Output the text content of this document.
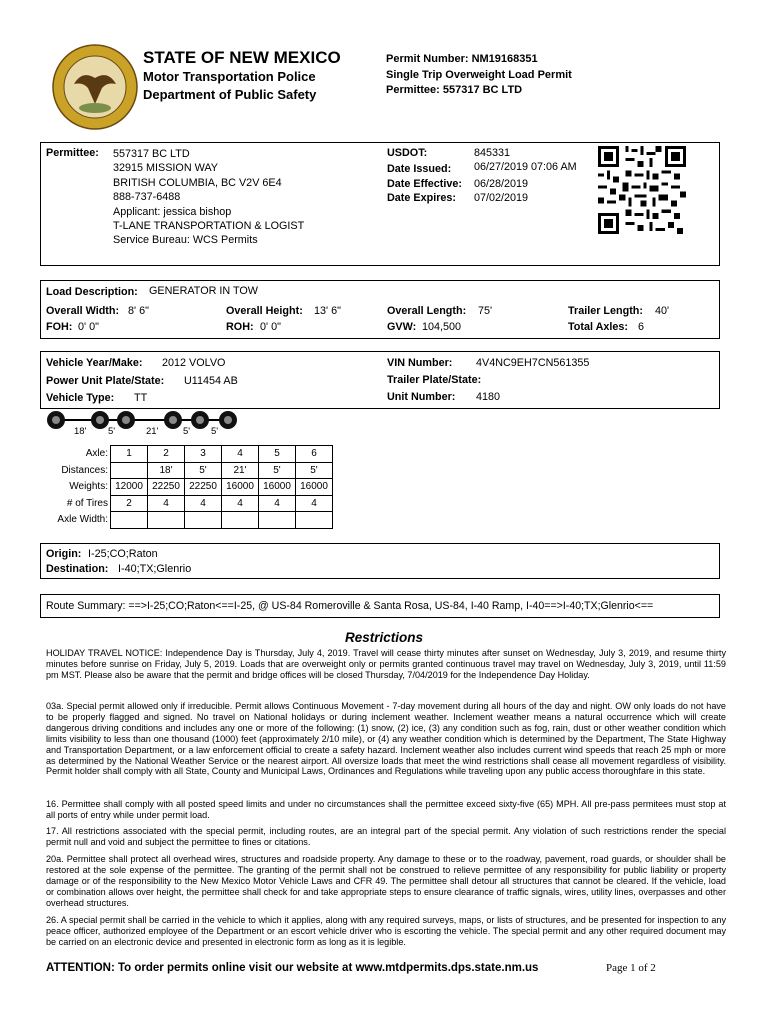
STATE OF NEW MEXICO
Motor Transportation Police
Department of Public Safety
Permit Number: NM19168351
Single Trip Overweight Load Permit
Permittee: 557317 BC LTD
Permittee: 557317 BC LTD
32915 MISSION WAY
BRITISH COLUMBIA, BC V2V 6E4
888-737-6488
Applicant: jessica bishop
T-LANE TRANSPORTATION & LOGIST
Service Bureau: WCS Permits
USDOT:	845331
Date Issued: 06/27/2019 07:06 AM
Date Effective: 06/28/2019
Date Expires: 07/02/2019
Load Description: GENERATOR IN TOW
Overall Width: 8' 6"	Overall Height: 13' 6"	Overall Length: 75'	Trailer Length: 40'
FOH: 0' 0"	ROH: 0' 0"	GVW: 104,500	Total Axles: 6
Vehicle Year/Make: 2012 VOLVO	VIN Number: 4V4NC9EH7CN561355
Power Unit Plate/State: U11454 AB	Trailer Plate/State:
Vehicle Type: TT	Unit Number: 4180
18' 5'	21'	5' 5'
Axle:	1	2	3	4	5	6
Distances:		18'	5'	21'	5'	5'
Weights:	12000	22250	22250	16000	16000	16000
# of Tires	2	4	4	4	4	4
Axle Width:						
Origin: I-25;CO;Raton
Destination: I-40;TX;Glenrio
Route Summary: ==>I-25;CO;Raton<==I-25, @ US-84 Romeroville & Santa Rosa, US-84, I-40 Ramp, I-40==>I-40;TX;Glenrio<==
Restrictions
HOLIDAY TRAVEL NOTICE: Independence Day is Thursday, July 4, 2019. Travel will cease thirty minutes after sunset on Wednesday, July 3, 2019, and resume thirty minutes before sunrise on Friday, July 5, 2019. Loads that are overweight only or permits granted continuous travel may travel on Wednesday, July 3, 2019, until 11:59 pm MST. Please also be aware that the permit and bridge offices will be closed Thursday, 7/04/2019 for the Independence Day Holiday.
03a. Special permit allowed only if irreducible. Permit allows Continuous Movement - 7-day movement during all hours of the day and night. OW only loads do not have to be properly flagged and signed. No travel on National holidays or during inclement weather. Inclement weather means a natural occurrence which will create dangerous driving conditions and includes any one or more of the following: (1) snow, (2) ice, (3) any condition such as fog, rain, dust or other weather condition which limits visibility to less than one thousand (1000) feet (approximately 2/10 mile), or (4) any weather condition which is determined by the Department, The State Highway and Transportation Department, or a law enforcement official to create a safety hazard. Inclement weather also includes current wind speeds that reach 25 mph or more as determined by the National Weather Service or the nearest airport. All oversize loads that meet the wind restrictions shall cease all movement regardless of visibility. Permit holder shall comply with all State, County and Municipal Laws, Ordinances and Regulations while traveling upon any public access thoroughfare in this state.
16. Permittee shall comply with all posted speed limits and under no circumstances shall the permittee exceed sixty-five (65) MPH. All pre-pass permitees must stop at all ports of entry while under permit load.
17. All restrictions associated with the special permit, including routes, are an integral part of the special permit. Any violation of such restrictions render the special permit null and void and subject the permittee to fines or citations.
20a. Permittee shall protect all overhead wires, structures and roadside property. Any damage to these or to the roadway, pavement, road guards, or shoulder shall be restored at the sole expense of the permittee. The granting of the permit shall not be construed to relieve permittee of any responsibility for public liability or property damage or of the responsibility to the New Mexico Motor Vehicle Laws and CFR 49. The permittee shall detour all structures that cannot be cleared. If the vehicle, load or combination allows over height, the permittee shall check for and take appropriate steps to ensure clearance of traffic signals, wires, utility lines, overpasses and other overhead structures.
26. A special permit shall be carried in the vehicle to which it applies, along with any required surveys, maps, or lists of structures, and be presented for inspection to any peace officer, authorized employee of the Department or an escort vehicle driver who is escorting the vehicle. The special permit and any other required document may be carried on an electronic device and presented in electronic form as long as it is legible.
ATTENTION: To order permits online visit our website at www.mtdpermits.dps.state.nm.us	Page 1 of 2
